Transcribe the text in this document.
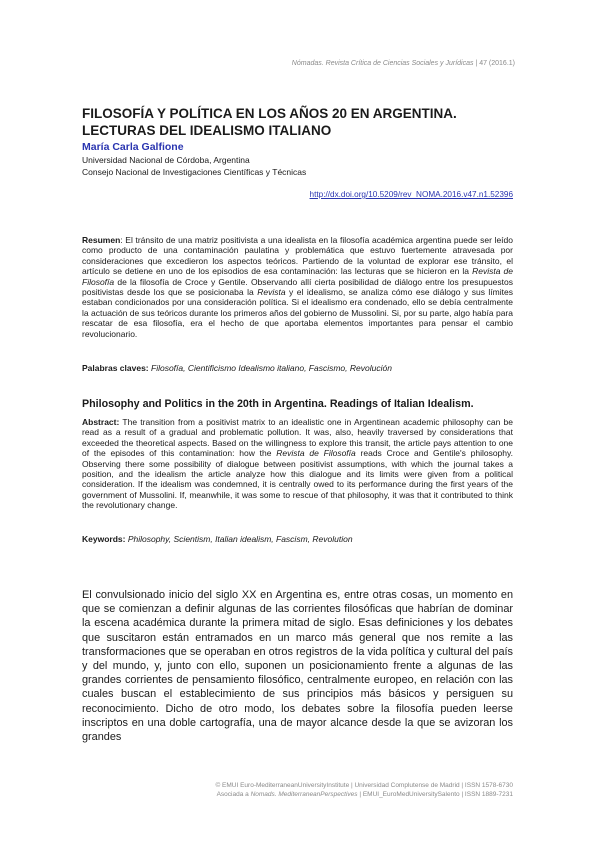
Nómadas. Revista Crítica de Ciencias Sociales y Jurídicas | 47 (2016.1)
FILOSOFÍA Y POLÍTICA EN LOS AÑOS 20 EN ARGENTINA. LECTURAS DEL IDEALISMO ITALIANO

María Carla Galfione

Universidad Nacional de Córdoba, Argentina

Consejo Nacional de Investigaciones Científicas y Técnicas

http://dx.doi.org/10.5209/rev_NOMA.2016.v47.n1.52396

Resumen: El tránsito de una matriz positivista a una idealista en la filosofía académica argentina puede ser leído como producto de una contaminación paulatina y problemática que estuvo fuertemente atravesada por consideraciones que excedieron los aspectos teóricos. Partiendo de la voluntad de explorar ese tránsito, el artículo se detiene en uno de los episodios de esa contaminación: las lecturas que se hicieron en la Revista de Filosofía de la filosofía de Croce y Gentile. Observando allí cierta posibilidad de diálogo entre los presupuestos positivistas desde los que se posicionaba la Revista y el idealismo, se analiza cómo ese diálogo y sus límites estaban condicionados por una consideración política. Si el idealismo era condenado, ello se debía centralmente la actuación de sus teóricos durante los primeros años del gobierno de Mussolini. Si, por su parte, algo había para rescatar de esa filosofía, era el hecho de que aportaba elementos importantes para pensar el cambio revolucionario.

Palabras claves: Filosofía, Cientificismo Idealismo italiano, Fascismo, Revolución

Philosophy and Politics in the 20th in Argentina. Readings of Italian Idealism.

Abstract: The transition from a positivist matrix to an idealistic one in Argentinean academic philosophy can be read as a result of a gradual and problematic pollution. It was, also, heavily traversed by considerations that exceeded the theoretical aspects. Based on the willingness to explore this transit, the article pays attention to one of the episodes of this contamination: how the Revista de Filosofía reads Croce and Gentile's philosophy. Observing there some possibility of dialogue between positivist assumptions, with which the journal takes a position, and the idealism the article analyze how this dialogue and its limits were given from a political consideration. If the idealism was condemned, it is centrally owed to its performance during the first years of the government of Mussolini. If, meanwhile, it was some to rescue of that philosophy, it was that it contributed to think the revolutionary change.

Keywords: Philosophy, Scientism, Italian idealism, Fascism, Revolution

El convulsionado inicio del siglo XX en Argentina es, entre otras cosas, un momento en que se comienzan a definir algunas de las corrientes filosóficas que habrían de dominar la escena académica durante la primera mitad de siglo. Esas definiciones y los debates que suscitaron están entramados en un marco más general que nos remite a las transformaciones que se operaban en otros registros de la vida política y cultural del país y del mundo, y, junto con ello, suponen un posicionamiento frente a algunas de las grandes corrientes de pensamiento filosófico, centralmente europeo, en relación con las cuales buscan el establecimiento de sus principios más básicos y persiguen su reconocimiento. Dicho de otro modo, los debates sobre la filosofía pueden leerse inscriptos en una doble cartografía, una de mayor alcance desde la que se avizoran los grandes

© EMUI Euro-MediterraneanUniversityInstitute | Universidad Complutense de Madrid | ISSN 1578-6730
Asociada a Nomads. MediterraneanPerspectives | EMUI_EuroMedUniversitySalento | ISSN 1889-7231
